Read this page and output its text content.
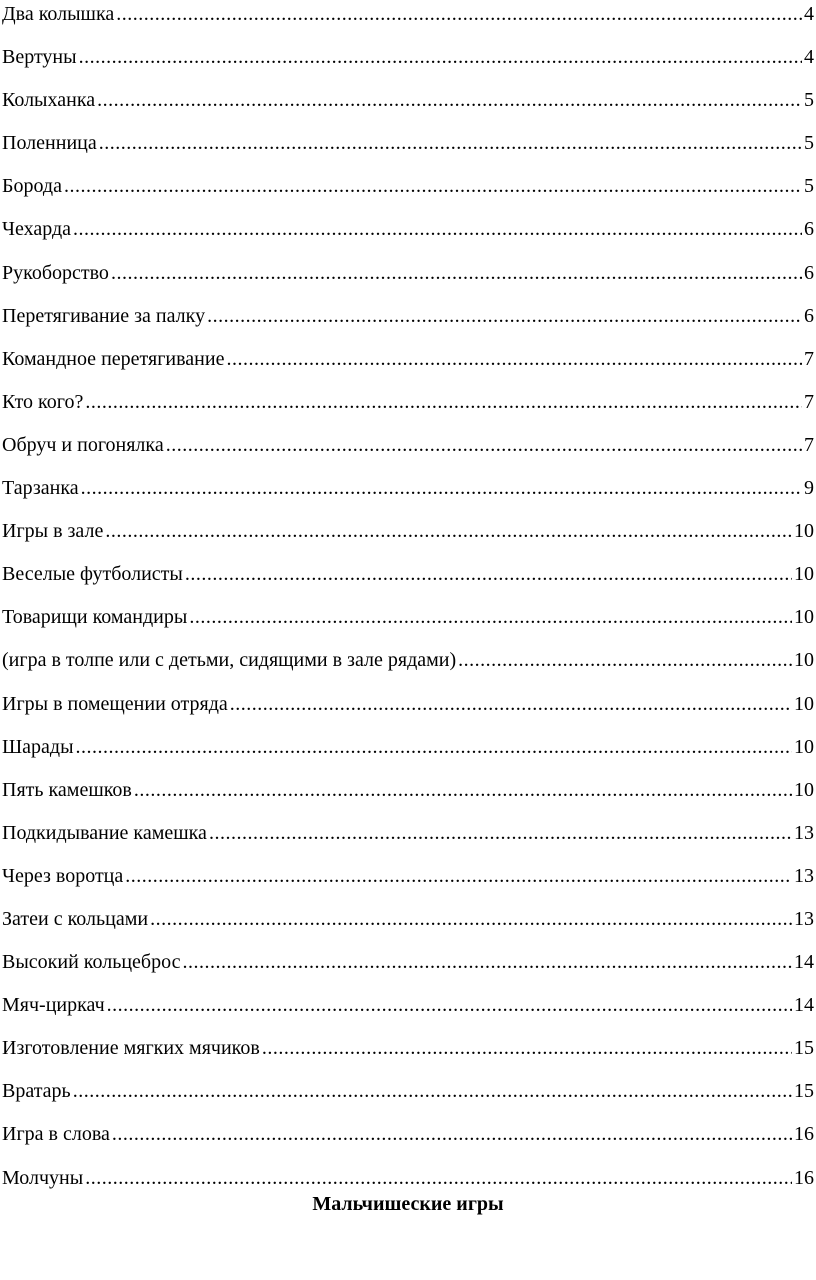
Два колышка .....	4
Вертуны .....	4
Колыханка .....	5
Поленница .....	5
Борода .....	5
Чехарда .....	6
Рукоборство .....	6
Перетягивание за палку .....	6
Командное перетягивание .....	7
Кто кого? .....	7
Обруч и погонялка .....	7
Тарзанка .....	9
Игры в зале .....	10
Веселые футболисты .....	10
Товарищи командиры .....	10
(игра в толпе или с детьми, сидящими в зале рядами) .....	10
Игры в помещении отряда .....	10
Шарады .....	10
Пять камешков .....	10
Подкидывание камешка .....	13
Через воротца .....	13
Затеи с кольцами .....	13
Высокий кольцеброс .....	14
Мяч-циркач .....	14
Изготовление мягких мячиков .....	15
Вратарь .....	15
Игра в слова .....	16
Молчуны .....	16
Мальчишеские игры
